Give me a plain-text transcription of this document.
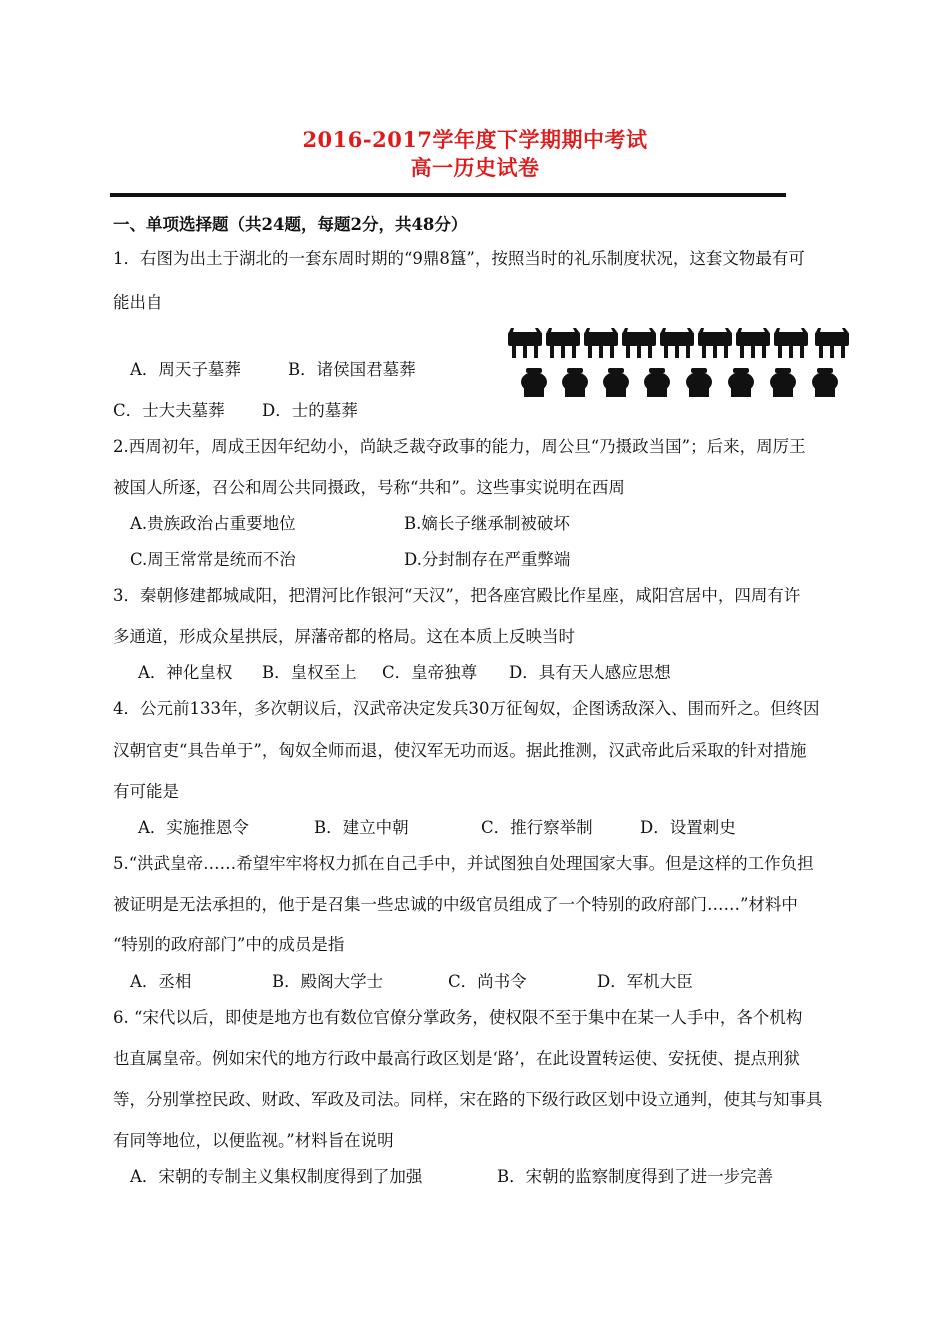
2016-2017学年度下学期期中考试
高一历史试卷
一、单项选择题（共24题，每题2分，共48分）
1．右图为出土于湖北的一套东周时期的“9鼎8簋”，按照当时的礼乐制度状况，这套文物最有可
能出自
A．周天子墓葬	B．诸侯国君墓葬
C．士大夫墓葬 D．士的墓葬
2.西周初年，周成王因年纪幼小，尚缺乏裁夺政事的能力，周公旦“乃摄政当国”；后来，周厉王
被国人所逐，召公和周公共同摄政，号称“共和”。这些事实说明在西周
A.贵族政治占重要地位	B.嫡长子继承制被破坏
C.周王常常是统而不治	D.分封制存在严重弊端
3．秦朝修建都城咸阳，把渭河比作银河“天汉”，把各座宫殿比作星座，咸阳宫居中，四周有许
多通道，形成众星拱辰，屏藩帝都的格局。这在本质上反映当时
A．神化皇权 B．皇权至上 C．皇帝独尊 D．具有天人感应思想
4．公元前133年，多次朝议后，汉武帝决定发兵30万征匈奴，企图诱敌深入、围而歼之。但终因
汉朝官吏“具告单于”，匈奴全师而退，使汉军无功而返。据此推测，汉武帝此后采取的针对措施
有可能是
A．实施推恩令	B．建立中朝	C．推行察举制	D．设置刺史
5.“洪武皇帝……希望牢牢将权力抓在自己手中，并试图独自处理国家大事。但是这样的工作负担
被证明是无法承担的，他于是召集一些忠诚的中级官员组成了一个特别的政府部门……”材料中
“特别的政府部门”中的成员是指
A．丞相	B．殿阁大学士	C．尚书令	D．军机大臣
6. “宋代以后，即使是地方也有数位官僚分掌政务，使权限不至于集中在某一人手中，各个机构
也直属皇帝。例如宋代的地方行政中最高行政区划是‘路’，在此设置转运使、安抚使、提点刑狱
等，分别掌控民政、财政、军政及司法。同样，宋在路的下级行政区划中设立通判，使其与知事具
有同等地位，以便监视。”材料旨在说明
A．宋朝的专制主义集权制度得到了加强	B．宋朝的监察制度得到了进一步完善
